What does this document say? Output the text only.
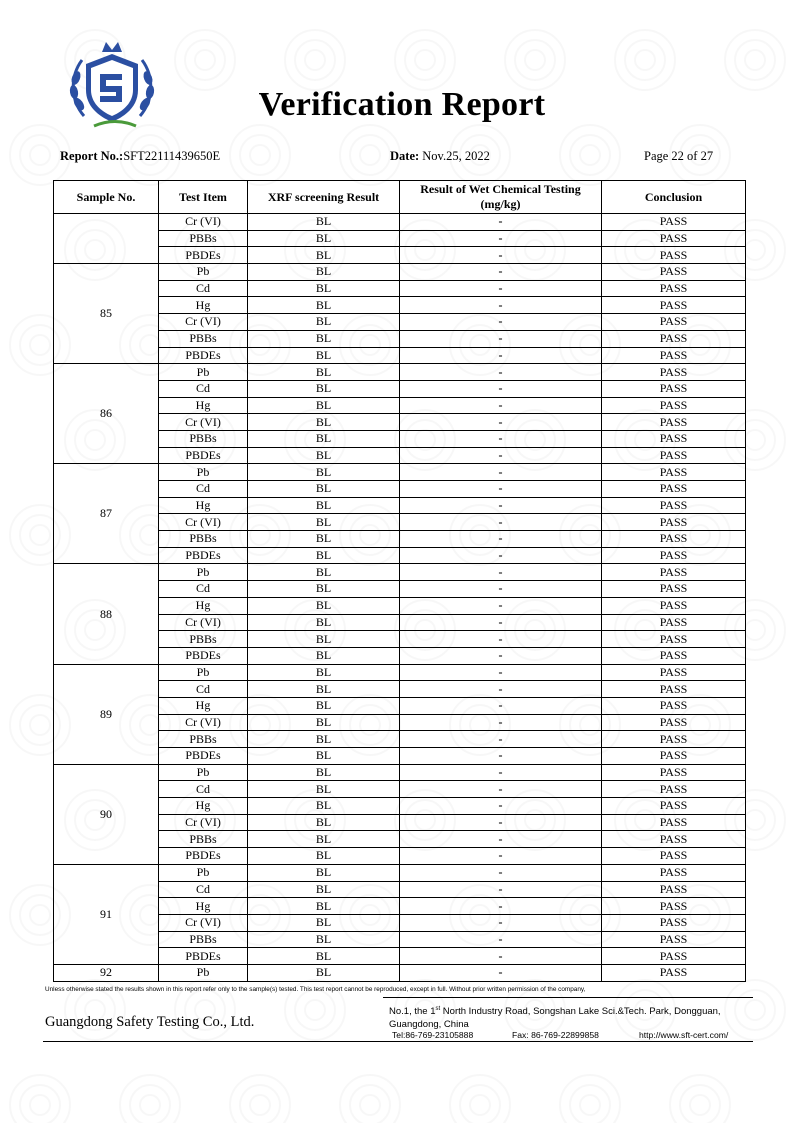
Verification Report
Report No.:SFT22111439650E	Date: Nov.25, 2022	Page 22 of 27
Sample No.	Test Item	XRF screening Result	Result of Wet Chemical Testing (mg/kg)	Conclusion
	Cr (VI)	BL	-	PASS
	PBBs	BL	-	PASS
	PBDEs	BL	-	PASS
85	Pb	BL	-	PASS
	Cd	BL	-	PASS
	Hg	BL	-	PASS
	Cr (VI)	BL	-	PASS
	PBBs	BL	-	PASS
	PBDEs	BL	-	PASS
86	Pb	BL	-	PASS
	Cd	BL	-	PASS
	Hg	BL	-	PASS
	Cr (VI)	BL	-	PASS
	PBBs	BL	-	PASS
	PBDEs	BL	-	PASS
87	Pb	BL	-	PASS
	Cd	BL	-	PASS
	Hg	BL	-	PASS
	Cr (VI)	BL	-	PASS
	PBBs	BL	-	PASS
	PBDEs	BL	-	PASS
88	Pb	BL	-	PASS
	Cd	BL	-	PASS
	Hg	BL	-	PASS
	Cr (VI)	BL	-	PASS
	PBBs	BL	-	PASS
	PBDEs	BL	-	PASS
89	Pb	BL	-	PASS
	Cd	BL	-	PASS
	Hg	BL	-	PASS
	Cr (VI)	BL	-	PASS
	PBBs	BL	-	PASS
	PBDEs	BL	-	PASS
90	Pb	BL	-	PASS
	Cd	BL	-	PASS
	Hg	BL	-	PASS
	Cr (VI)	BL	-	PASS
	PBBs	BL	-	PASS
	PBDEs	BL	-	PASS
91	Pb	BL	-	PASS
	Cd	BL	-	PASS
	Hg	BL	-	PASS
	Cr (VI)	BL	-	PASS
	PBBs	BL	-	PASS
	PBDEs	BL	-	PASS
92	Pb	BL	-	PASS
Unless otherwise stated the results shown in this report refer only to the sample(s) tested. This test report cannot be reproduced, except in full. Without prior written permission of the company,
Guangdong Safety Testing Co., Ltd.
No.1, the 1st North Industry Road, Songshan Lake Sci.&Tech. Park, Dongguan,
Guangdong, China
Tel:86-769-23105888	Fax: 86-769-22899858	http://www.sft-cert.com/
